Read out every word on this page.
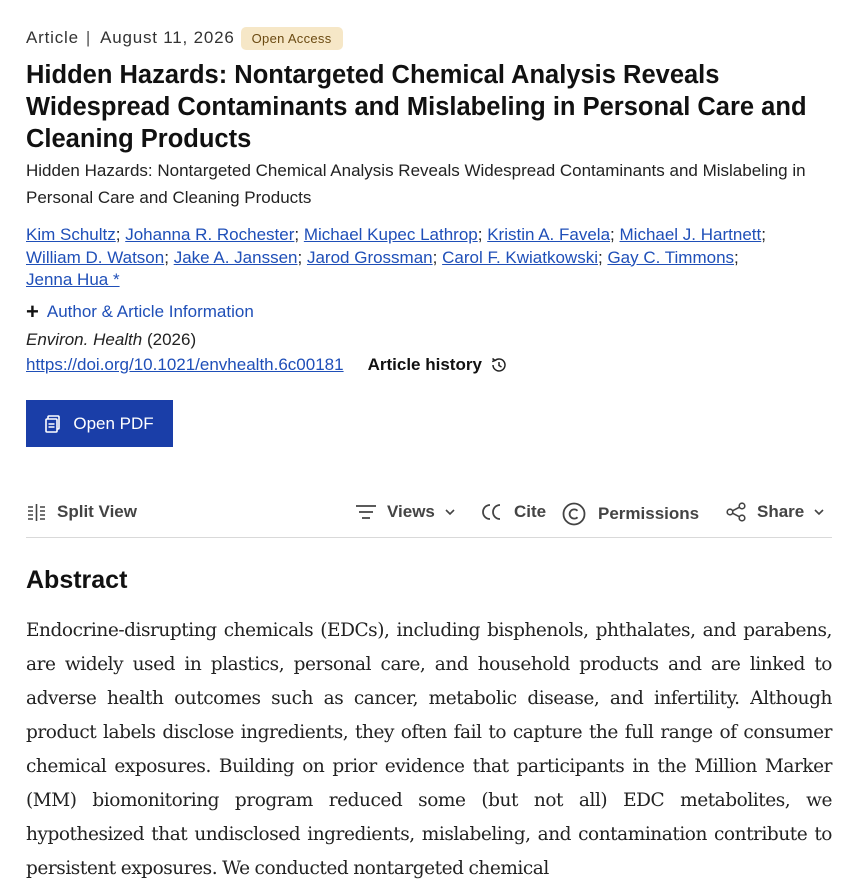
Article | August 11, 2026	Open Access
Hidden Hazards: Nontargeted Chemical Analysis Reveals Widespread Contaminants and Mislabeling in Personal Care and Cleaning Products
Hidden Hazards: Nontargeted Chemical Analysis Reveals Widespread Contaminants and Mislabeling in Personal Care and Cleaning Products
Kim Schultz; Johanna R. Rochester; Michael Kupec Lathrop; Kristin A. Favela; Michael J. Hartnett;
William D. Watson; Jake A. Janssen; Jarod Grossman; Carol F. Kwiatkowski; Gay C. Timmons;
Jenna Hua *
+ Author & Article Information
Environ. Health (2026)
https://doi.org/10.1021/envhealth.6c00181 Article history
Open PDF
Split View	Views	Cite	Permissions	Share
Abstract

Endocrine-disrupting chemicals (EDCs), including bisphenols, phthalates, and parabens, are widely used in plastics, personal care, and household products and are linked to adverse health outcomes such as cancer, metabolic disease, and infertility. Although product labels disclose ingredients, they often fail to capture the full range of consumer chemical exposures. Building on prior evidence that participants in the Million Marker (MM) biomonitoring program reduced some (but not all) EDC metabolites, we hypothesized that undisclosed ingredients, mislabeling, and contamination contribute to persistent exposures. We conducted nontargeted chemical
